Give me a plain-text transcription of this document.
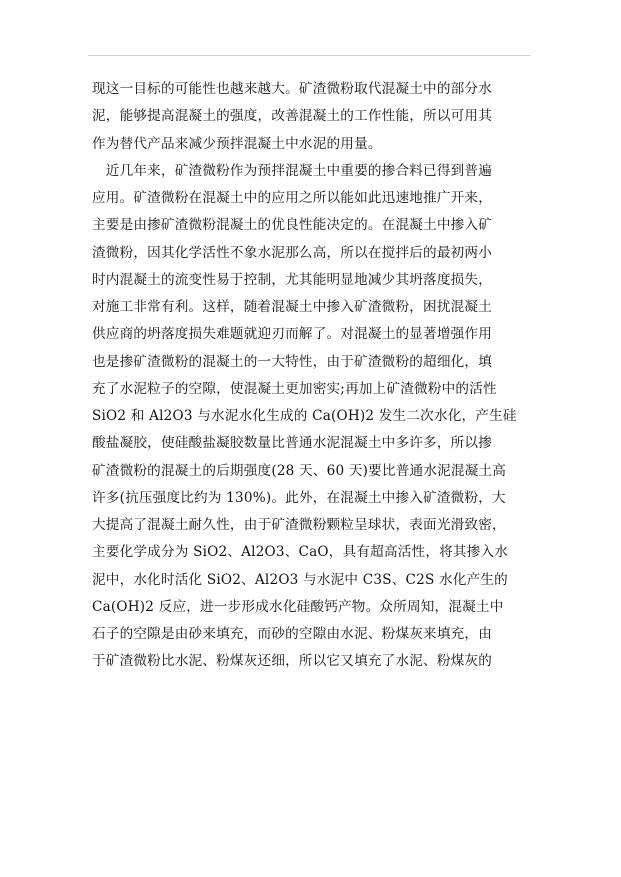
现这一目标的可能性也越来越大。矿渣微粉取代混凝土中的部分水
泥，能够提高混凝土的强度，改善混凝土的工作性能，所以可用其
作为替代产品来减少预拌混凝土中水泥的用量。
　近几年来，矿渣微粉作为预拌混凝土中重要的掺合料已得到普遍
应用。矿渣微粉在混凝土中的应用之所以能如此迅速地推广开来，
主要是由掺矿渣微粉混凝土的优良性能决定的。在混凝土中掺入矿
渣微粉，因其化学活性不象水泥那么高，所以在搅拌后的最初两小
时内混凝土的流变性易于控制，尤其能明显地减少其坍落度损失，
对施工非常有利。这样，随着混凝土中掺入矿渣微粉，困扰混凝土
供应商的坍落度损失难题就迎刃而解了。对混凝土的显著增强作用
也是掺矿渣微粉的混凝土的一大特性，由于矿渣微粉的超细化，填
充了水泥粒子的空隙，使混凝土更加密实;再加上矿渣微粉中的活性
SiO2 和 Al2O3 与水泥水化生成的 Ca(OH)2 发生二次水化，产生硅
酸盐凝胶，使硅酸盐凝胶数量比普通水泥混凝土中多许多，所以掺
矿渣微粉的混凝土的后期强度(28 天、60 天)要比普通水泥混凝土高
许多(抗压强度比约为 130%)。此外，在混凝土中掺入矿渣微粉，大
大提高了混凝土耐久性，由于矿渣微粉颗粒呈球状，表面光滑致密，
主要化学成分为 SiO2、Al2O3、CaO，具有超高活性，将其掺入水
泥中，水化时活化 SiO2、Al2O3 与水泥中 C3S、C2S 水化产生的
Ca(OH)2 反应，进一步形成水化硅酸钙产物。众所周知，混凝土中
石子的空隙是由砂来填充，而砂的空隙由水泥、粉煤灰来填充，由
于矿渣微粉比水泥、粉煤灰还细，所以它又填充了水泥、粉煤灰的
